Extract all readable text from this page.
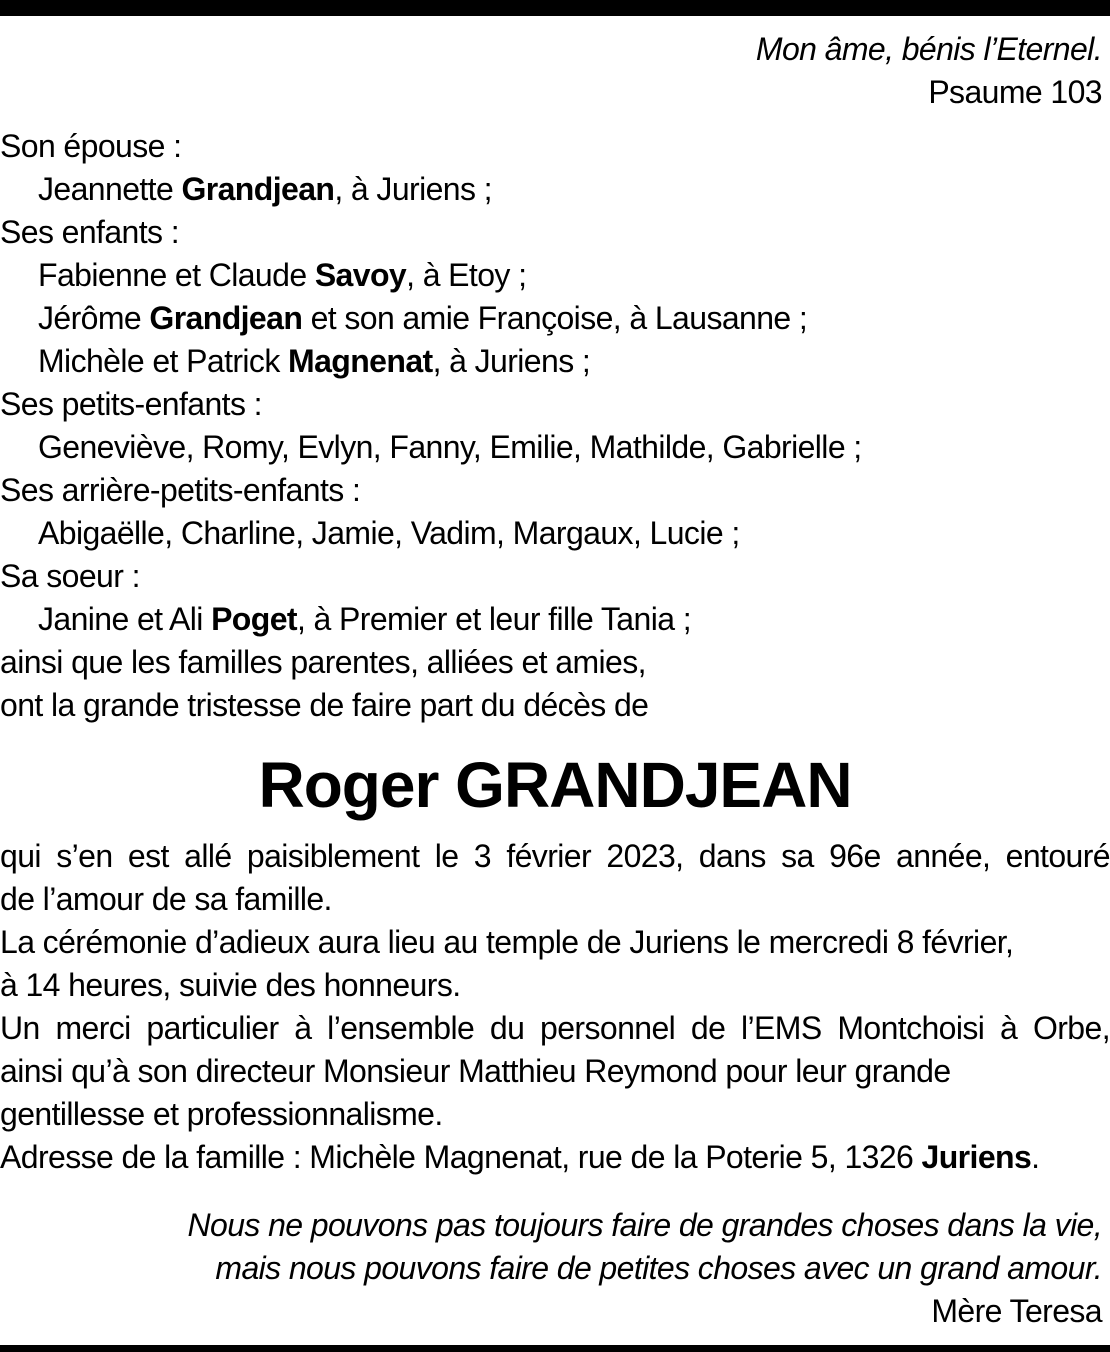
Mon âme, bénis l’Eternel.
Psaume 103
Son épouse :
Jeannette Grandjean, à Juriens ;
Ses enfants :
Fabienne et Claude Savoy, à Etoy ;
Jérôme Grandjean et son amie Françoise, à Lausanne ;
Michèle et Patrick Magnenat, à Juriens ;
Ses petits-enfants :
Geneviève, Romy, Evlyn, Fanny, Emilie, Mathilde, Gabrielle ;
Ses arrière-petits-enfants :
Abigaëlle, Charline, Jamie, Vadim, Margaux, Lucie ;
Sa soeur :
Janine et Ali Poget, à Premier et leur fille Tania ;
ainsi que les familles parentes, alliées et amies,
ont la grande tristesse de faire part du décès de
Roger GRANDJEAN
qui s’en est allé paisiblement le 3 février 2023, dans sa 96e année, entouré
de l’amour de sa famille.
La cérémonie d’adieux aura lieu au temple de Juriens le mercredi 8 février,
à 14 heures, suivie des honneurs.
Un merci particulier à l’ensemble du personnel de l’EMS Montchoisi à Orbe,
ainsi qu’à son directeur Monsieur Matthieu Reymond pour leur grande
gentillesse et professionnalisme.
Adresse de la famille : Michèle Magnenat, rue de la Poterie 5, 1326 Juriens.
Nous ne pouvons pas toujours faire de grandes choses dans la vie,
mais nous pouvons faire de petites choses avec un grand amour.
Mère Teresa
